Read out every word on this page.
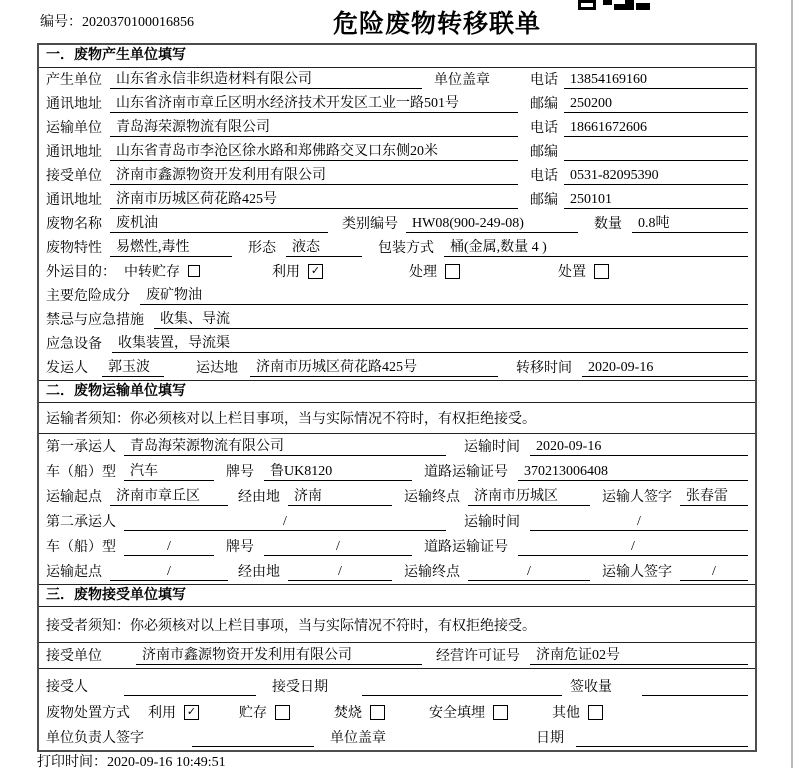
编号：2020370100016856	危险废物转移联单
一．废物产生单位填写
产生单位	山东省永信非织造材料有限公司	单位盖章	电话 13854169160
通讯地址	山东省济南市章丘区明水经济技术开发区工业一路501号	邮编 250200
运输单位	青岛海荣源物流有限公司	电话 18661672606
通讯地址	山东省青岛市李沧区徐水路和郑佛路交叉口东侧20米	邮编
接受单位	济南市鑫源物资开发利用有限公司	电话 0531-82095390
通讯地址	济南市历城区荷花路425号	邮编 250101
废物名称	废机油	类别编号	HW08(900-249-08)	数量	0.8吨
废物特性	易燃性,毒性	形态	液态	包装方式	桶(金属,数量 4 )
外运目的： 中转贮存	利用 ✓	处理	处置
主要危险成分	废矿物油
禁忌与应急措施	收集、导流
应急设备	收集装置，导流渠
发运人	郭玉波	运达地	济南市历城区荷花路425号	转移时间	2020-09-16
二．废物运输单位填写
运输者须知：你必须核对以上栏目事项，当与实际情况不符时，有权拒绝接受。
第一承运人	青岛海荣源物流有限公司	运输时间	2020-09-16
车（船）型	汽车	牌号	鲁UK8120	道路运输证号	370213006408
运输起点	济南市章丘区	经由地	济南	运输终点	济南市历城区	运输人签字	张春雷
第二承运人	/	运输时间	/
车（船）型	/	牌号	/	道路运输证号	/
运输起点	/	经由地	/	运输终点	/	运输人签字	/
三．废物接受单位填写
接受者须知：你必须核对以上栏目事项，当与实际情况不符时，有权拒绝接受。
接受单位	济南市鑫源物资开发利用有限公司	经营许可证号	济南危证02号
接受人	接受日期	签收量
废物处置方式 利用 ✓	贮存	焚烧	安全填埋	其他
单位负责人签字	单位盖章	日期
打印时间：2020-09-16 10:49:51
